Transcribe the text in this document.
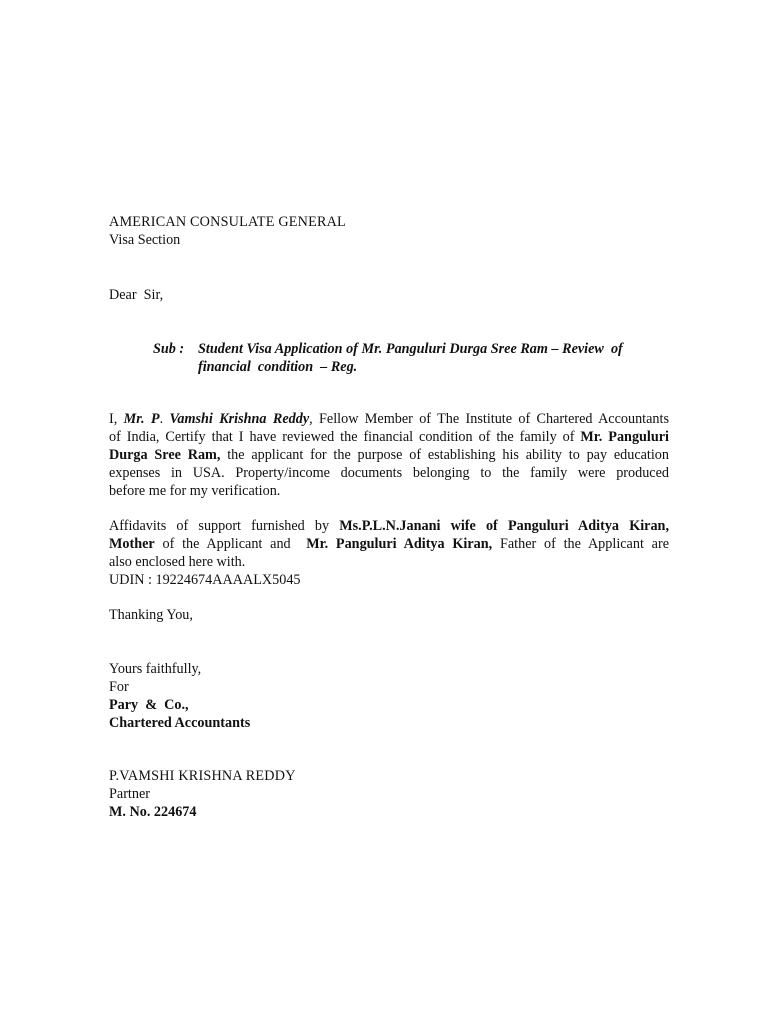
AMERICAN CONSULATE GENERAL
Visa Section
Dear  Sir,
Sub : Student Visa Application of Mr. Panguluri Durga Sree Ram – Review  of
financial  condition  – Reg.
I, Mr. P. Vamshi Krishna Reddy, Fellow Member of The Institute of Chartered Accountants
of India, Certify that I have reviewed the financial condition of the family of Mr. Panguluri
Durga Sree Ram, the applicant for the purpose of establishing his ability to pay education
expenses in USA. Property/income documents belonging to the family were produced
before me for my verification.
Affidavits of support furnished by Ms.P.L.N.Janani wife of Panguluri Aditya Kiran,
Mother of the Applicant and  Mr. Panguluri Aditya Kiran, Father of the Applicant are
also enclosed here with.
UDIN : 19224674AAAALX5045
Thanking You,
Yours faithfully,
For
Pary  &  Co.,
Chartered Accountants
P.VAMSHI KRISHNA REDDY
Partner
M. No. 224674
